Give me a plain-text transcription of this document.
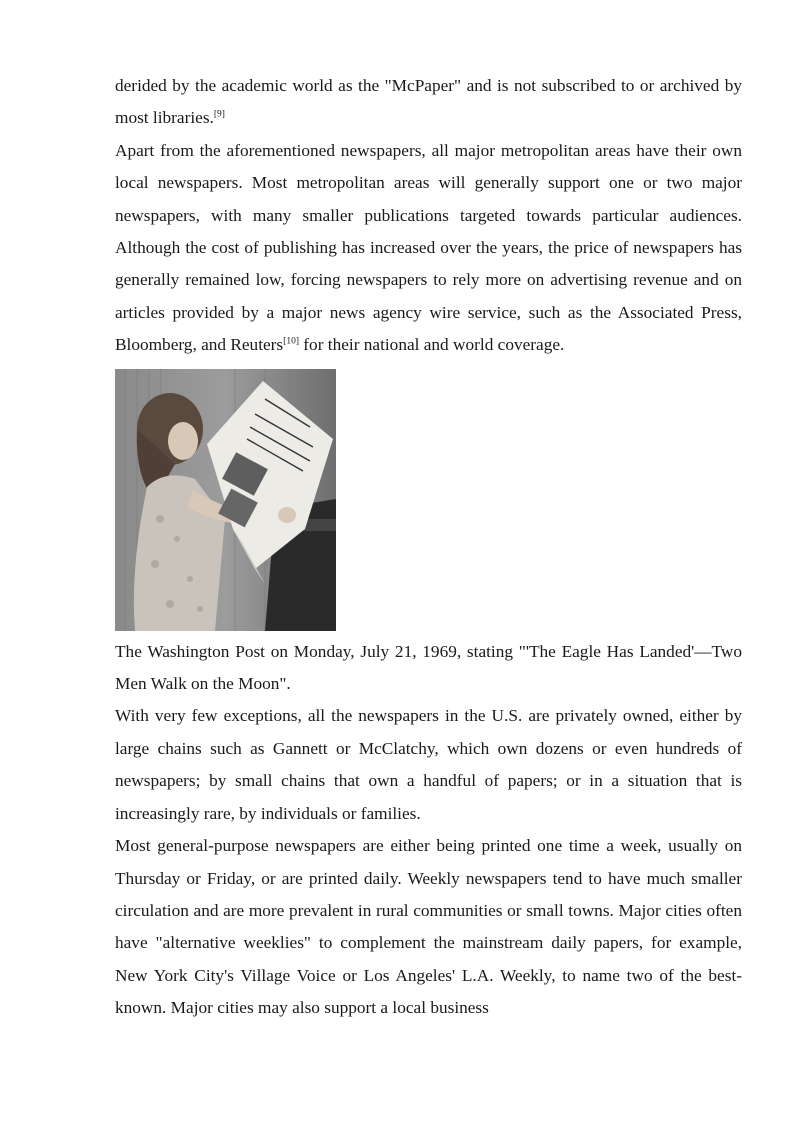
derided by the academic world as the "McPaper" and is not subscribed to or archived by most libraries.[9]

Apart from the aforementioned newspapers, all major metropolitan areas have their own local newspapers. Most metropolitan areas will generally support one or two major newspapers, with many smaller publications targeted towards particular audiences. Although the cost of publishing has increased over the years, the price of newspapers has generally remained low, forcing newspapers to rely more on advertising revenue and on articles provided by a major news agency wire service, such as the Associated Press, Bloomberg, and Reuters[10] for their national and world coverage.

The Washington Post on Monday, July 21, 1969, stating "'The Eagle Has Landed'—Two Men Walk on the Moon".

With very few exceptions, all the newspapers in the U.S. are privately owned, either by large chains such as Gannett or McClatchy, which own dozens or even hundreds of newspapers; by small chains that own a handful of papers; or in a situation that is increasingly rare, by individuals or families.

Most general-purpose newspapers are either being printed one time a week, usually on Thursday or Friday, or are printed daily. Weekly newspapers tend to have much smaller circulation and are more prevalent in rural communities or small towns. Major cities often have "alternative weeklies" to complement the mainstream daily papers, for example, New York City's Village Voice or Los Angeles' L.A. Weekly, to name two of the best-known. Major cities may also support a local business
